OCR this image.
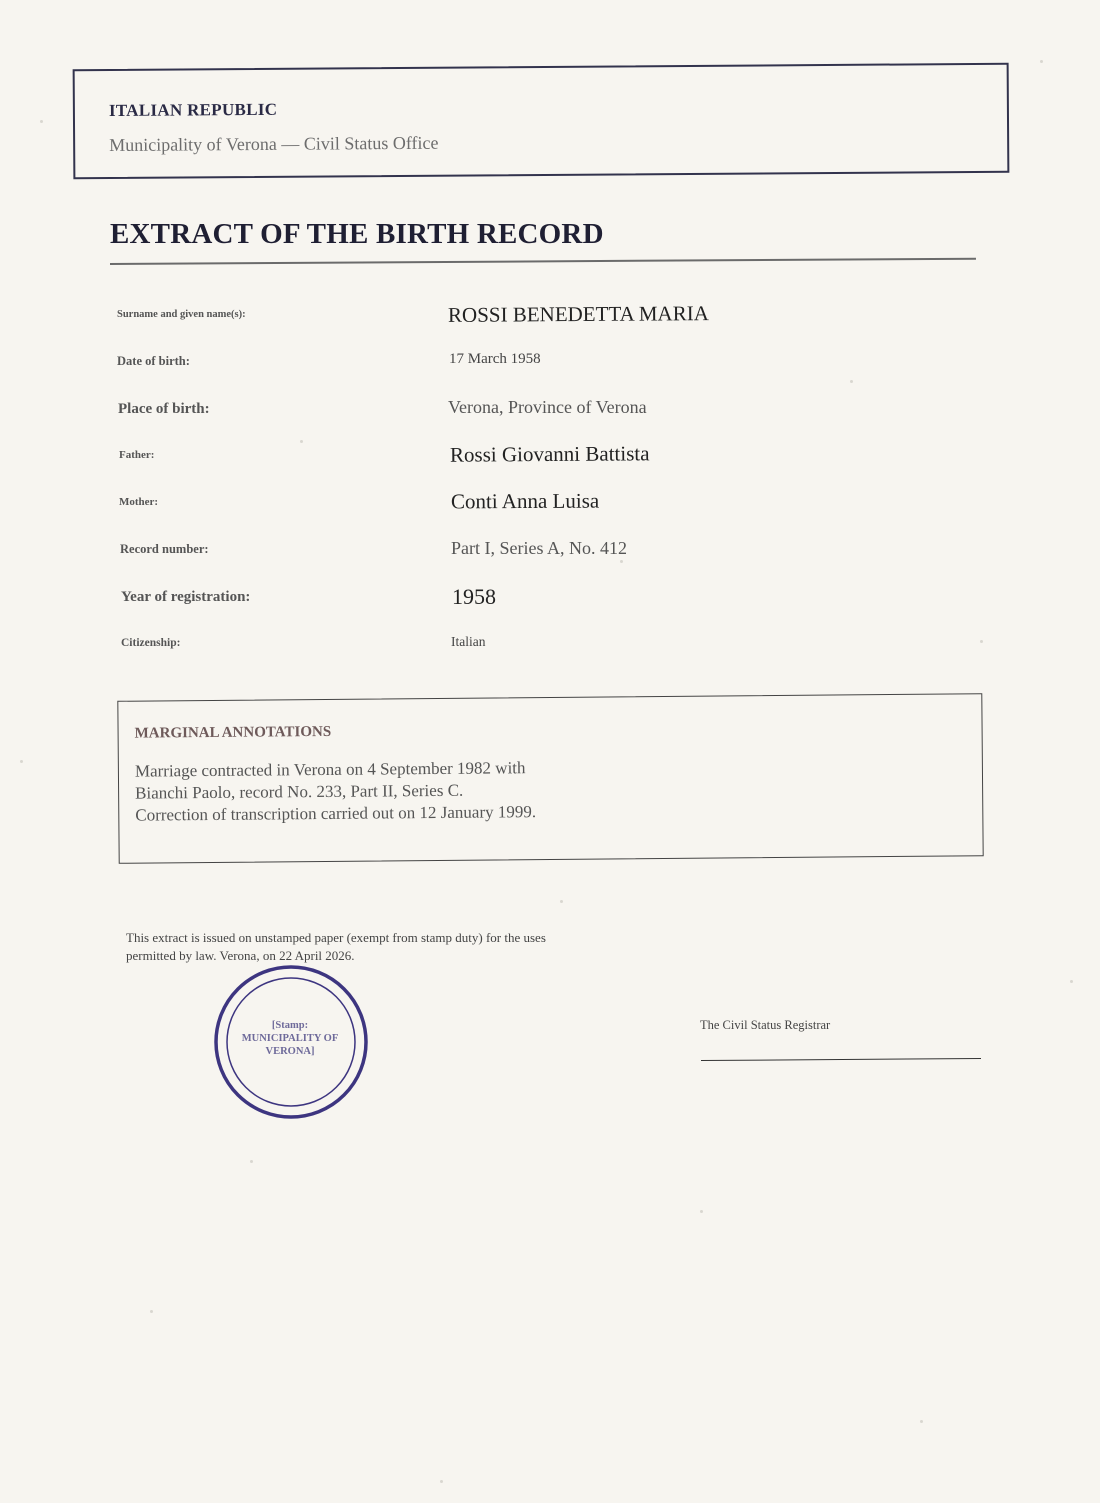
ITALIAN REPUBLIC
Municipality of Verona — Civil Status Office
EXTRACT OF THE BIRTH RECORD
Surname and given name(s):	ROSSI BENEDETTA MARIA
Date of birth:	17 March 1958
Place of birth:	Verona, Province of Verona
Father:	Rossi Giovanni Battista
Mother:	Conti Anna Luisa
Record number:	Part I, Series A, No. 412
Year of registration:	1958
Citizenship:	Italian
MARGINAL ANNOTATIONS
Marriage contracted in Verona on 4 September 1982 with
Bianchi Paolo, record No. 233, Part II, Series C.
Correction of transcription carried out on 12 January 1999.
This extract is issued on unstamped paper (exempt from stamp duty) for the uses
permitted by law. Verona, on 22 April 2026.
[Stamp:
MUNICIPALITY OF
VERONA]
The Civil Status Registrar
